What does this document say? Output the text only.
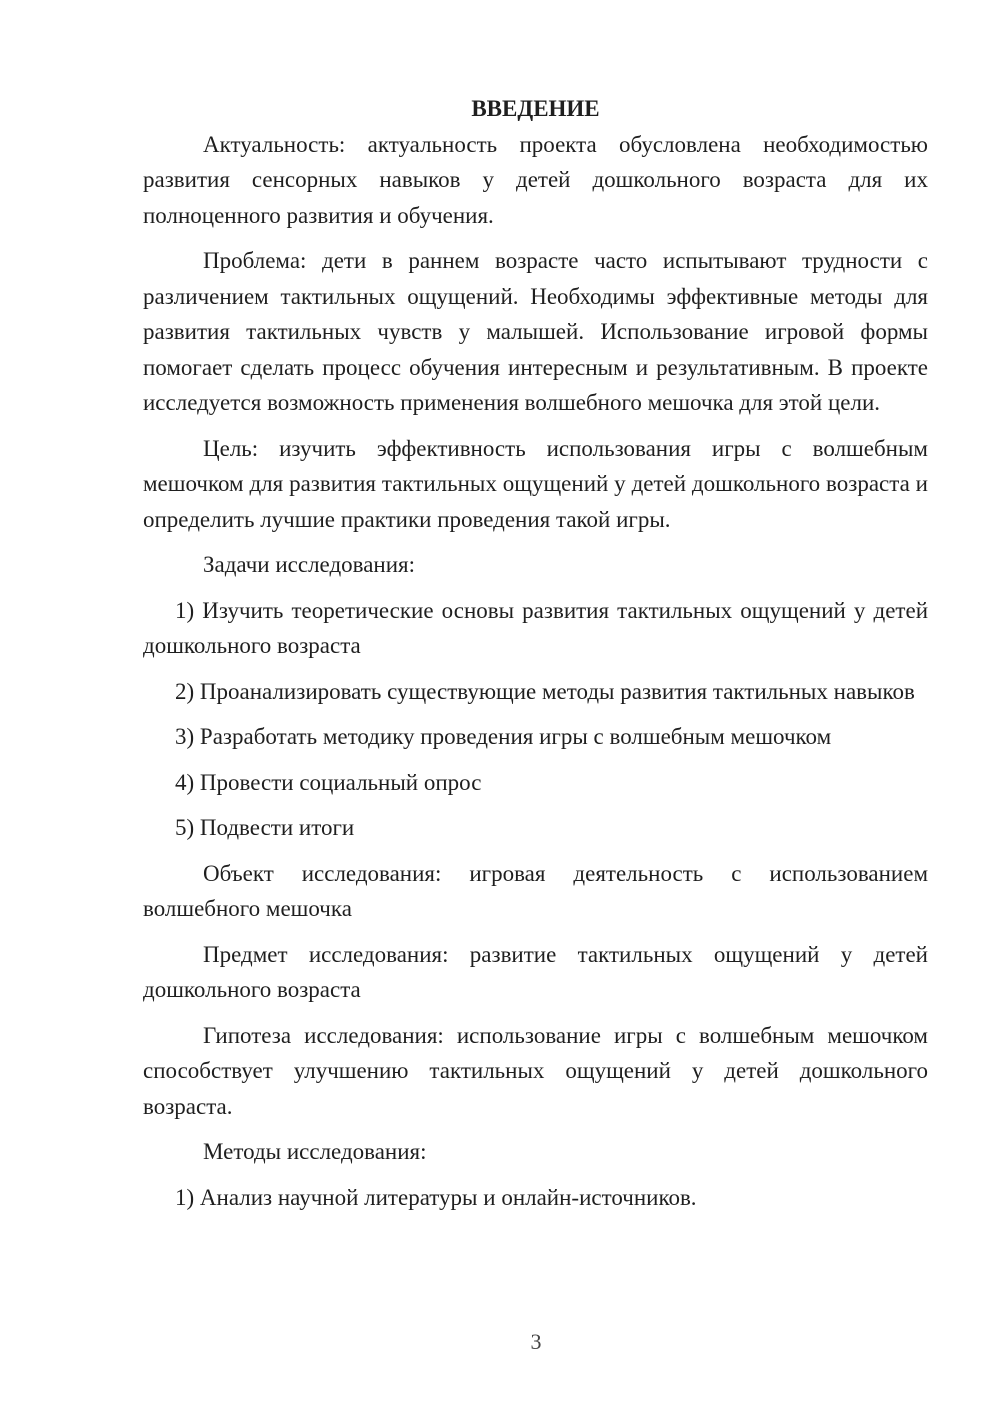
ВВЕДЕНИЕ

Актуальность: актуальность проекта обусловлена необходимостью развития сенсорных навыков у детей дошкольного возраста для их полноценного развития и обучения.

Проблема: дети в раннем возрасте часто испытывают трудности с различением тактильных ощущений. Необходимы эффективные методы для развития тактильных чувств у малышей. Использование игровой формы помогает сделать процесс обучения интересным и результативным. В проекте исследуется возможность применения волшебного мешочка для этой цели.

Цель: изучить эффективность использования игры с волшебным мешочком для развития тактильных ощущений у детей дошкольного возраста и определить лучшие практики проведения такой игры.

Задачи исследования:

1) Изучить теоретические основы развития тактильных ощущений у детей дошкольного возраста

2) Проанализировать существующие методы развития тактильных навыков

3) Разработать методику проведения игры с волшебным мешочком

4) Провести социальный опрос

5) Подвести итоги

Объект исследования: игровая деятельность с использованием волшебного мешочка

Предмет исследования: развитие тактильных ощущений у детей дошкольного возраста

Гипотеза исследования: использование игры с волшебным мешочком способствует улучшению тактильных ощущений у детей дошкольного возраста.

Методы исследования:

1) Анализ научной литературы и онлайн-источников.

3
